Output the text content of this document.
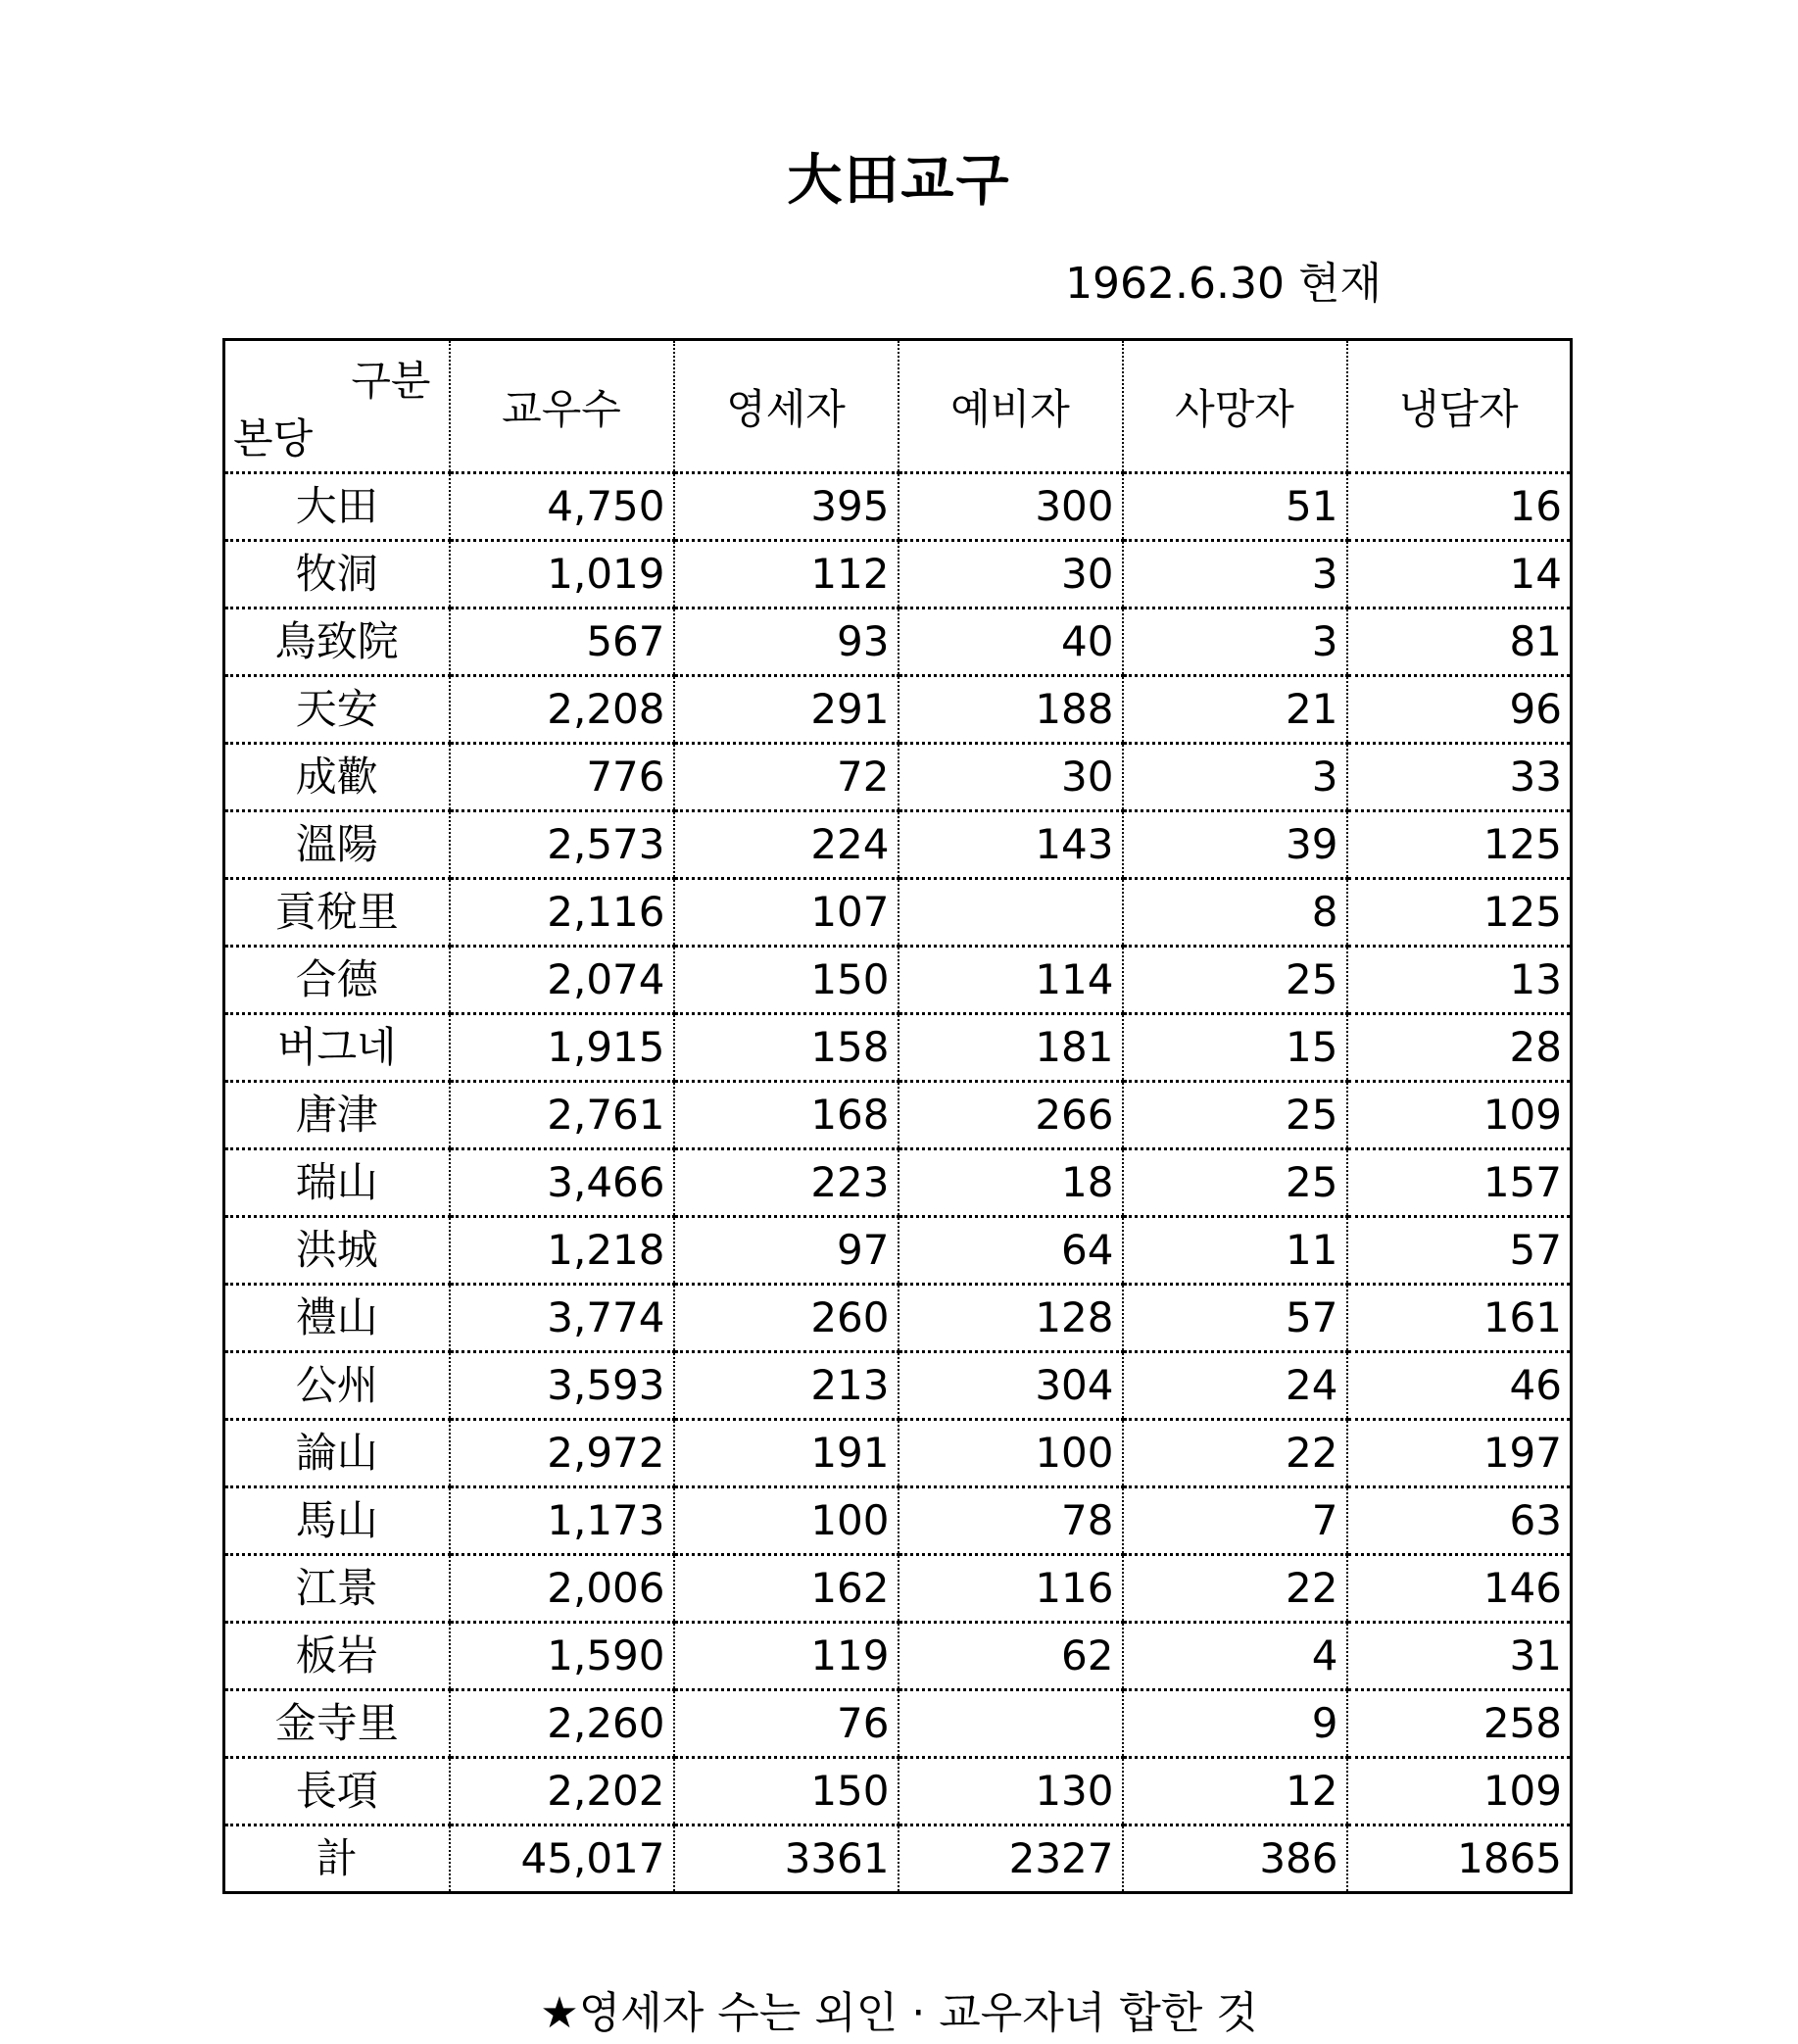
大田교구
1962.6.30 현재
구분
본당	교우수	영세자	예비자	사망자	냉담자
大田	4,750	395	300	51	16
牧洞	1,019	112	30	3	14
鳥致院	567	93	40	3	81
天安	2,208	291	188	21	96
成歡	776	72	30	3	33
溫陽	2,573	224	143	39	125
貢稅里	2,116	107		8	125
合德	2,074	150	114	25	13
버그네	1,915	158	181	15	28
唐津	2,761	168	266	25	109
瑞山	3,466	223	18	25	157
洪城	1,218	97	64	11	57
禮山	3,774	260	128	57	161
公州	3,593	213	304	24	46
論山	2,972	191	100	22	197
馬山	1,173	100	78	7	63
江景	2,006	162	116	22	146
板岩	1,590	119	62	4	31
金寺里	2,260	76		9	258
長項	2,202	150	130	12	109
計	45,017	3361	2327	386	1865
★영세자 수는 외인 · 교우자녀 합한 것
